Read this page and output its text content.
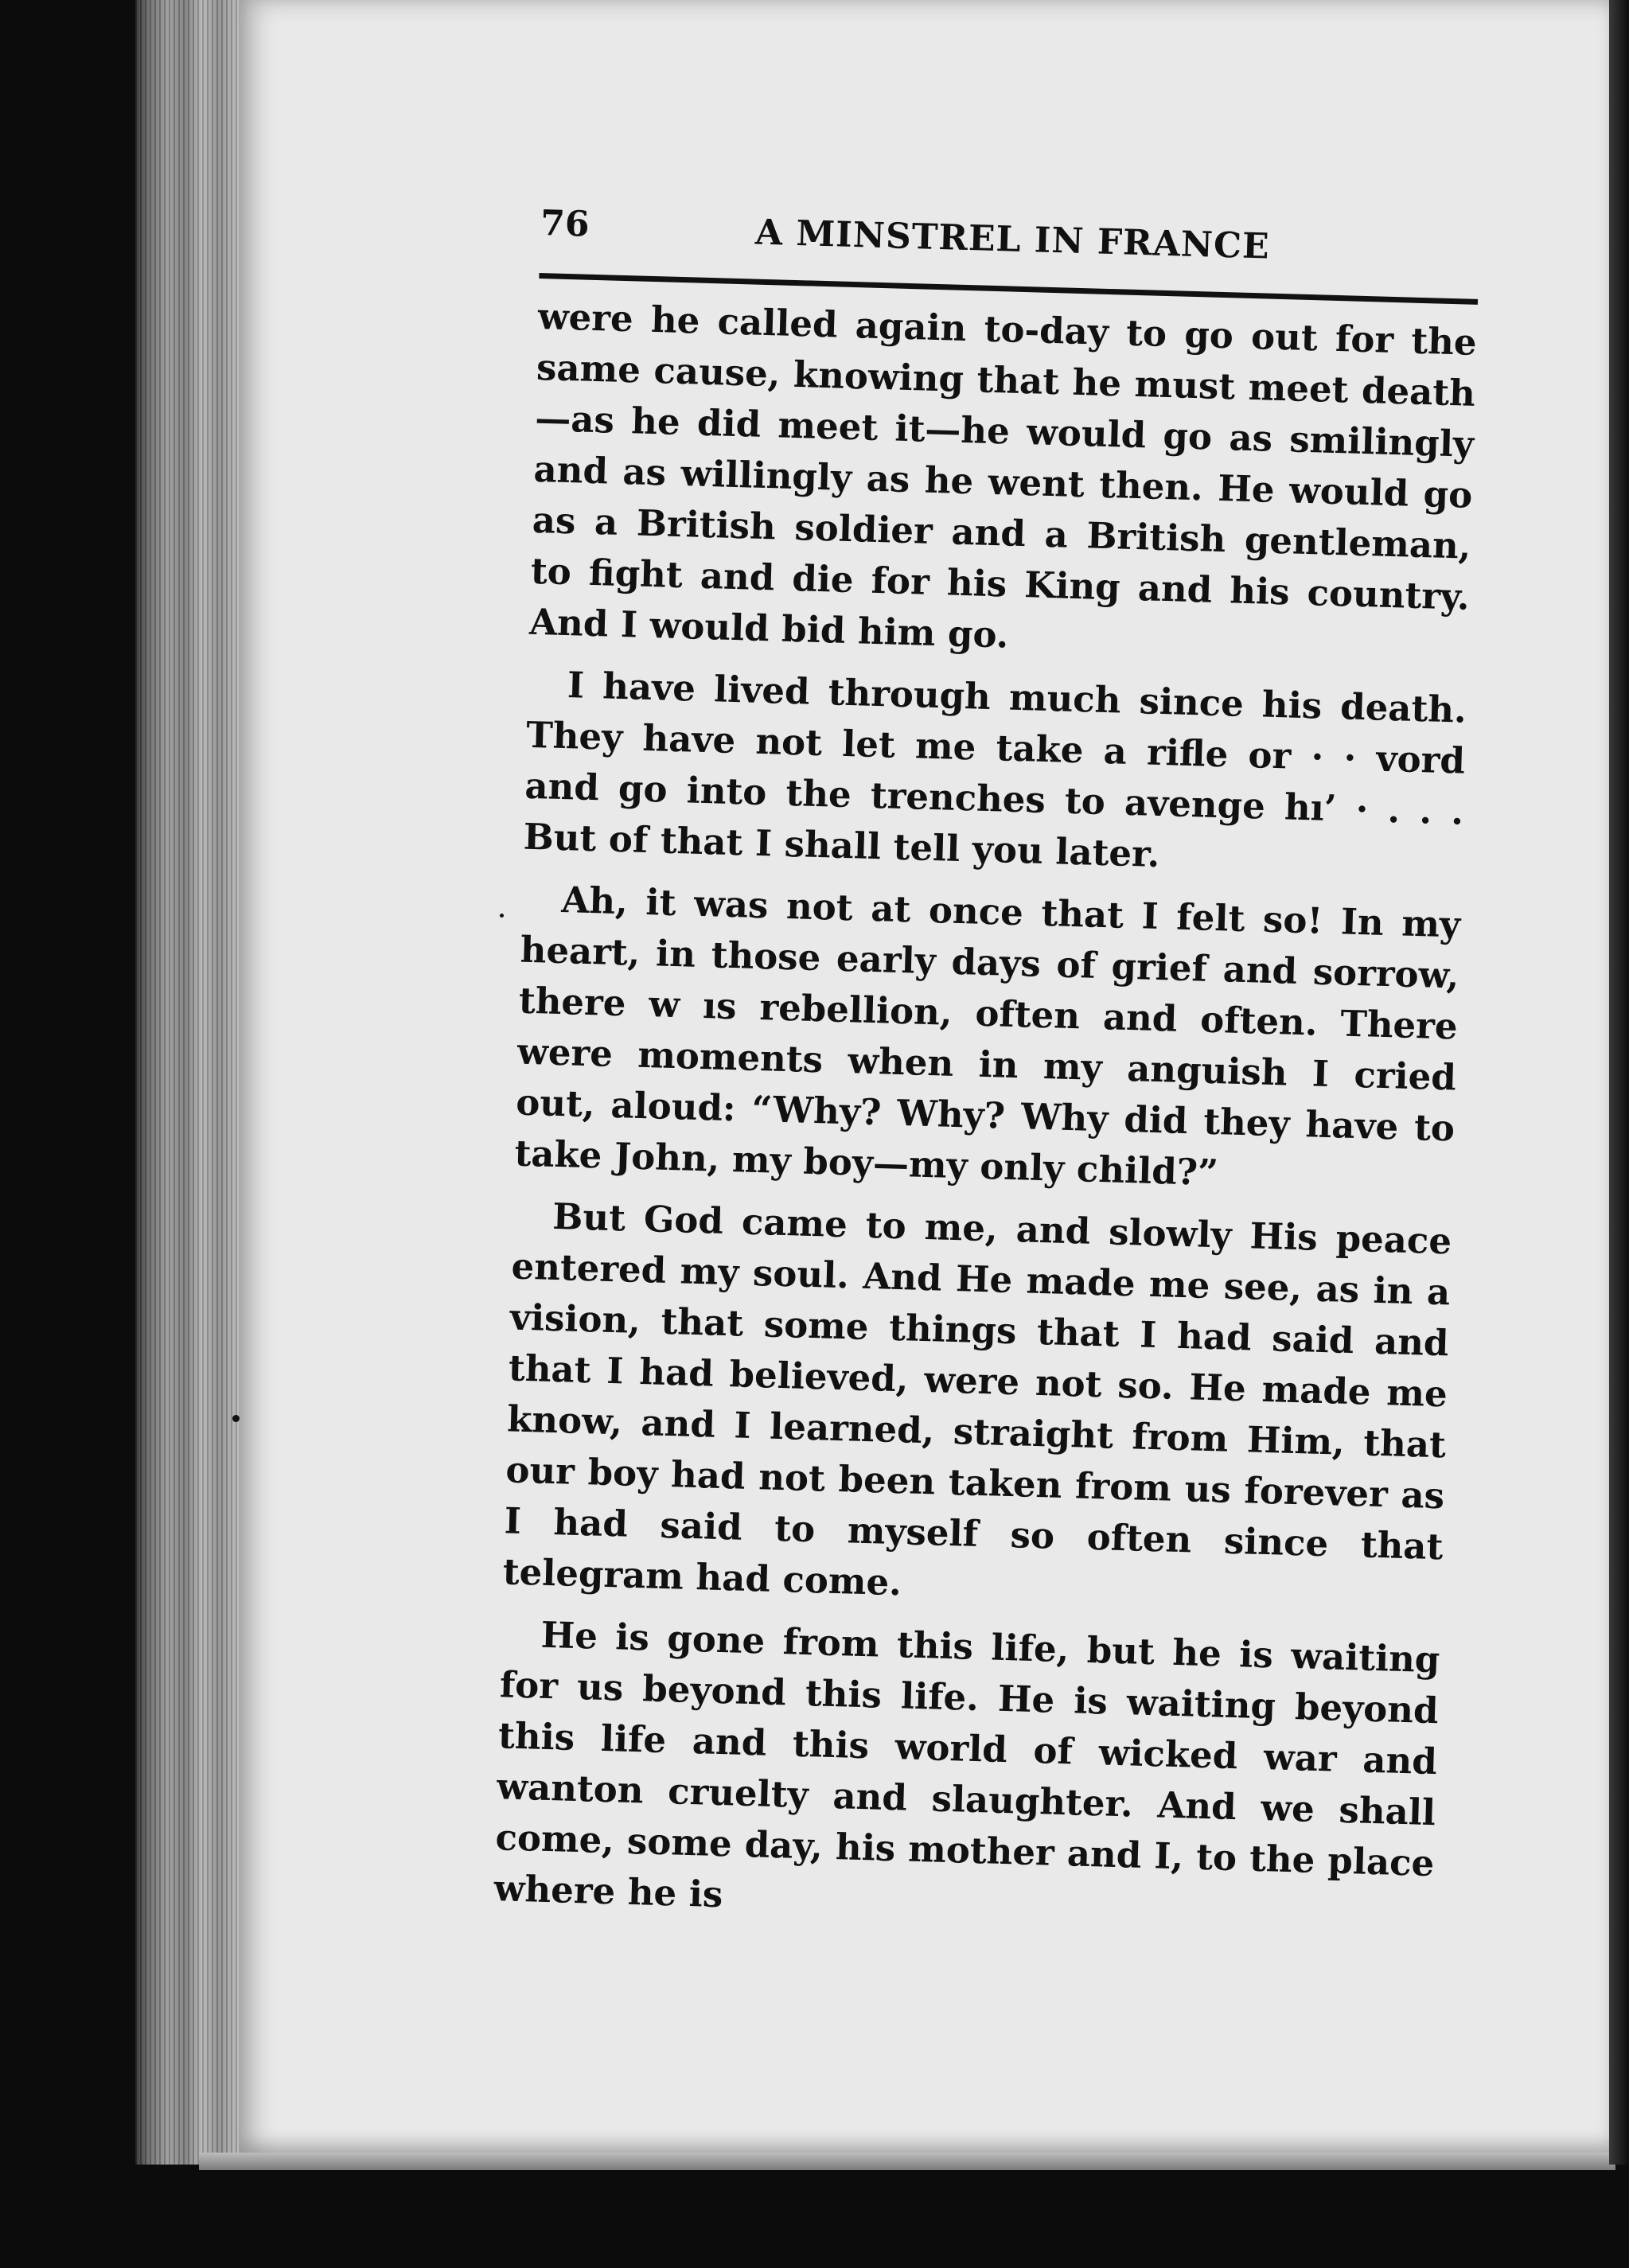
76	A MINSTREL IN FRANCE

were he called again to-day to go out for the same cause, knowing that he must meet death—as he did meet it—he would go as smilingly and as willingly as he went then. He would go as a British soldier and a British gentleman, to fight and die for his King and his country. And I would bid him go.

I have lived through much since his death. They have not let me take a rifle or · · vord and go into the trenches to avenge hı’ · . . . But of that I shall tell you later.

Ah, it was not at once that I felt so! In my heart, in those early days of grief and sorrow, there w ıs rebellion, often and often. There were moments when in my anguish I cried out, aloud: “Why? Why? Why did they have to take John, my boy—my only child?”

But God came to me, and slowly His peace entered my soul. And He made me see, as in a vision, that some things that I had said and that I had believed, were not so. He made me know, and I learned, straight from Him, that our boy had not been taken from us forever as I had said to myself so often since that telegram had come.

He is gone from this life, but he is waiting for us beyond this life. He is waiting beyond this life and this world of wicked war and wanton cruelty and slaughter. And we shall come, some day, his mother and I, to the place where he is
